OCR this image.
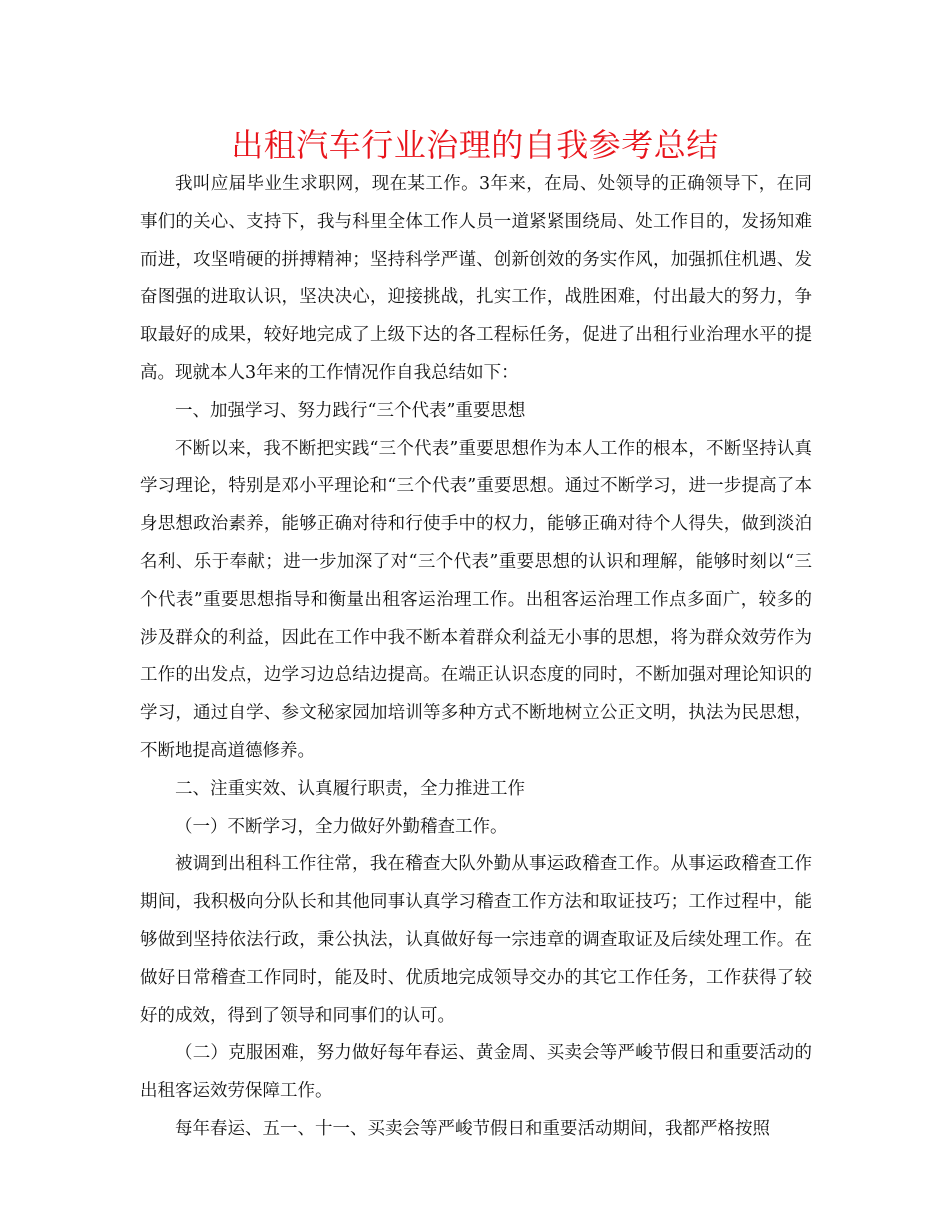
出租汽车行业治理的自我参考总结

我叫应届毕业生求职网，现在某工作。3年来，在局、处领导的正确领导下，在同事们的关心、支持下，我与科里全体工作人员一道紧紧围绕局、处工作目的，发扬知难而进，攻坚啃硬的拼搏精神；坚持科学严谨、创新创效的务实作风，加强抓住机遇、发奋图强的进取认识，坚决决心，迎接挑战，扎实工作，战胜困难，付出最大的努力，争取最好的成果，较好地完成了上级下达的各工程标任务，促进了出租行业治理水平的提高。现就本人3年来的工作情况作自我总结如下：

一、加强学习、努力践行“三个代表”重要思想

不断以来，我不断把实践“三个代表”重要思想作为本人工作的根本，不断坚持认真学习理论，特别是邓小平理论和“三个代表”重要思想。通过不断学习，进一步提高了本身思想政治素养，能够正确对待和行使手中的权力，能够正确对待个人得失，做到淡泊名利、乐于奉献；进一步加深了对“三个代表”重要思想的认识和理解，能够时刻以“三个代表”重要思想指导和衡量出租客运治理工作。出租客运治理工作点多面广，较多的涉及群众的利益，因此在工作中我不断本着群众利益无小事的思想，将为群众效劳作为工作的出发点，边学习边总结边提高。在端正认识态度的同时，不断加强对理论知识的学习，通过自学、参文秘家园加培训等多种方式不断地树立公正文明，执法为民思想，不断地提高道德修养。

二、注重实效、认真履行职责，全力推进工作

（一）不断学习，全力做好外勤稽查工作。

被调到出租科工作往常，我在稽查大队外勤从事运政稽查工作。从事运政稽查工作期间，我积极向分队长和其他同事认真学习稽查工作方法和取证技巧；工作过程中，能够做到坚持依法行政，秉公执法，认真做好每一宗违章的调查取证及后续处理工作。在做好日常稽查工作同时，能及时、优质地完成领导交办的其它工作任务，工作获得了较好的成效，得到了领导和同事们的认可。

（二）克服困难，努力做好每年春运、黄金周、买卖会等严峻节假日和重要活动的出租客运效劳保障工作。

每年春运、五一、十一、买卖会等严峻节假日和重要活动期间，我都严格按照
